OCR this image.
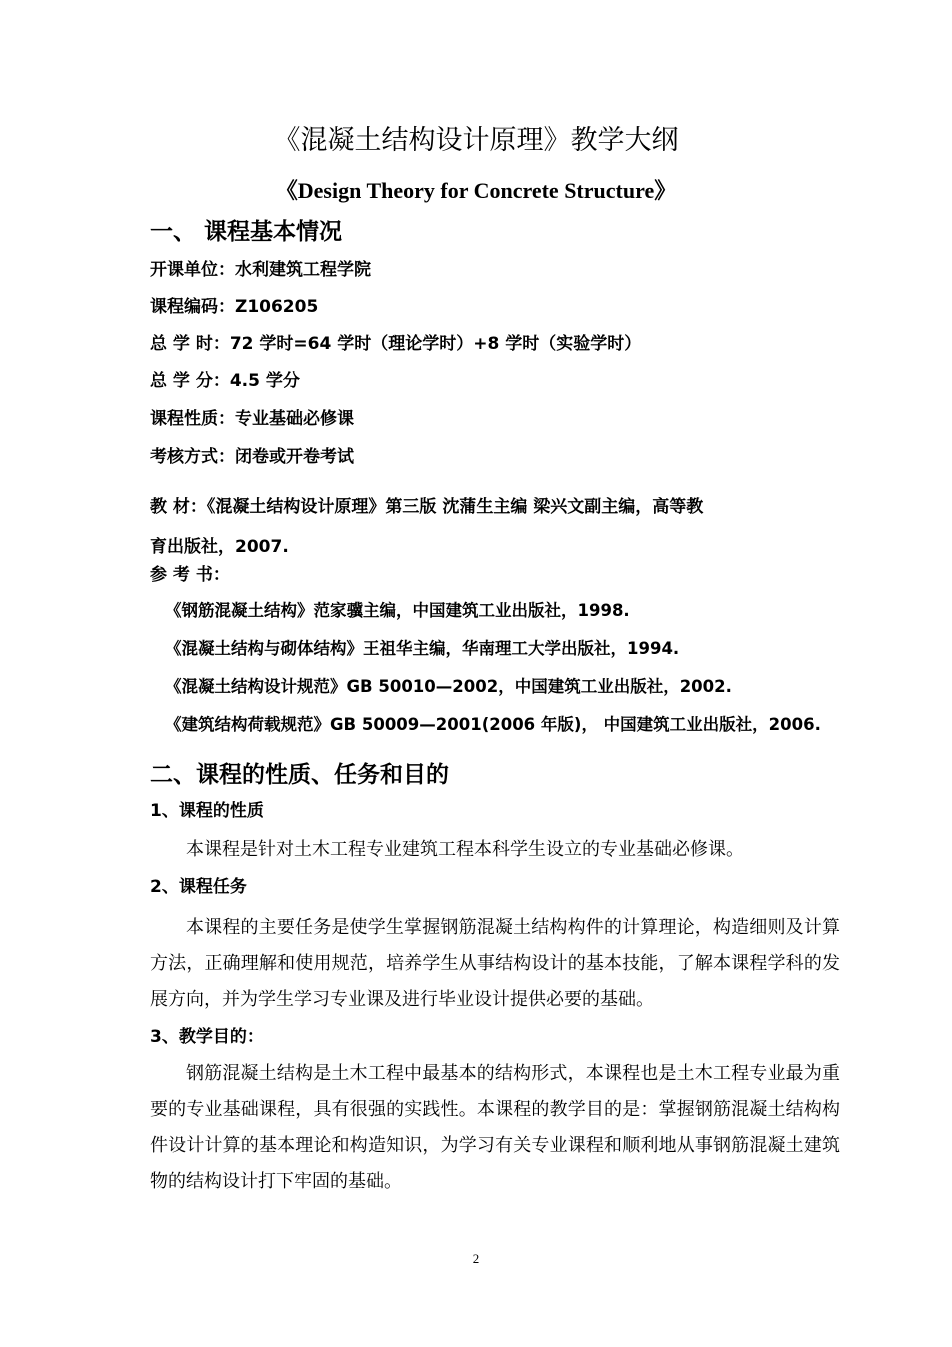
《混凝土结构设计原理》教学大纲
《Design Theory for Concrete Structure》
一、 课程基本情况
开课单位：水利建筑工程学院
课程编码：Z106205
总 学 时：72 学时=64 学时（理论学时）+8 学时（实验学时）
总 学 分：4.5 学分
课程性质：专业基础必修课
考核方式：闭卷或开卷考试
教 材：《混凝土结构设计原理》第三版 沈蒲生主编 梁兴文副主编，高等教
育出版社，2007.
参 考 书：
《钢筋混凝土结构》范家骥主编，中国建筑工业出版社，1998.
《混凝土结构与砌体结构》王祖华主编，华南理工大学出版社，1994.
《混凝土结构设计规范》GB 50010—2002，中国建筑工业出版社，2002.
《建筑结构荷载规范》GB 50009—2001(2006 年版)， 中国建筑工业出版社，2006.
二、课程的性质、任务和目的
1、课程的性质
本课程是针对土木工程专业建筑工程本科学生设立的专业基础必修课。
2、课程任务
本课程的主要任务是使学生掌握钢筋混凝土结构构件的计算理论，构造细则及计算方法，正确理解和使用规范，培养学生从事结构设计的基本技能，了解本课程学科的发展方向，并为学生学习专业课及进行毕业设计提供必要的基础。
3、教学目的：
钢筋混凝土结构是土木工程中最基本的结构形式，本课程也是土木工程专业最为重要的专业基础课程，具有很强的实践性。本课程的教学目的是：掌握钢筋混凝土结构构件设计计算的基本理论和构造知识，为学习有关专业课程和顺利地从事钢筋混凝土建筑物的结构设计打下牢固的基础。
2
